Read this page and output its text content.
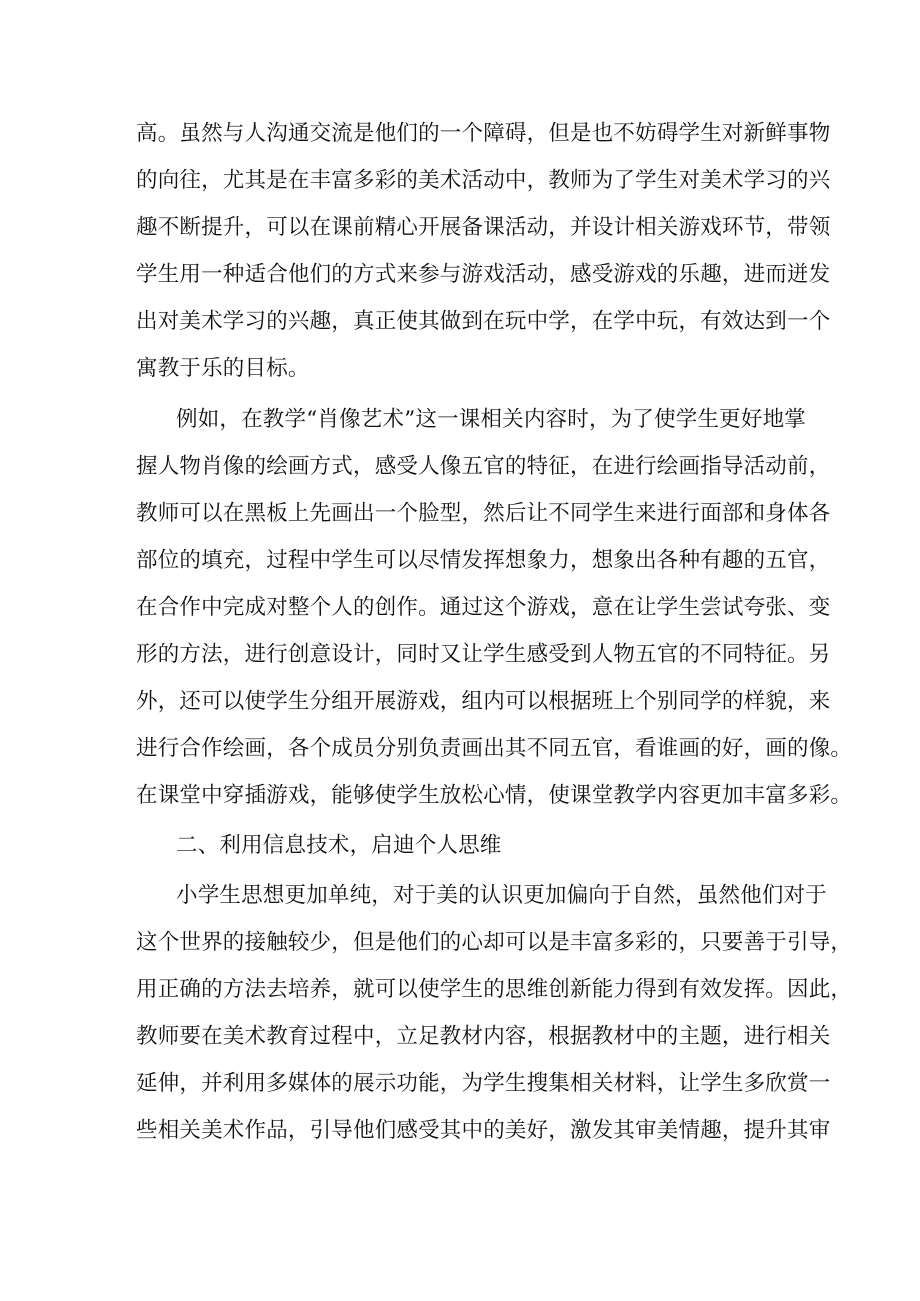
高。虽然与人沟通交流是他们的一个障碍，但是也不妨碍学生对新鲜事物
的向往，尤其是在丰富多彩的美术活动中，教师为了学生对美术学习的兴
趣不断提升，可以在课前精心开展备课活动，并设计相关游戏环节，带领
学生用一种适合他们的方式来参与游戏活动，感受游戏的乐趣，进而迸发
出对美术学习的兴趣，真正使其做到在玩中学，在学中玩，有效达到一个
寓教于乐的目标。
例如，在教学“肖像艺术”这一课相关内容时，为了使学生更好地掌
握人物肖像的绘画方式，感受人像五官的特征，在进行绘画指导活动前，
教师可以在黑板上先画出一个脸型，然后让不同学生来进行面部和身体各
部位的填充，过程中学生可以尽情发挥想象力，想象出各种有趣的五官，
在合作中完成对整个人的创作。通过这个游戏，意在让学生尝试夸张、变
形的方法，进行创意设计，同时又让学生感受到人物五官的不同特征。另
外，还可以使学生分组开展游戏，组内可以根据班上个别同学的样貌，来
进行合作绘画，各个成员分别负责画出其不同五官，看谁画的好，画的像。
在课堂中穿插游戏，能够使学生放松心情，使课堂教学内容更加丰富多彩。
二、利用信息技术，启迪个人思维
小学生思想更加单纯，对于美的认识更加偏向于自然，虽然他们对于
这个世界的接触较少，但是他们的心却可以是丰富多彩的，只要善于引导，
用正确的方法去培养，就可以使学生的思维创新能力得到有效发挥。因此，
教师要在美术教育过程中，立足教材内容，根据教材中的主题，进行相关
延伸，并利用多媒体的展示功能，为学生搜集相关材料，让学生多欣赏一
些相关美术作品，引导他们感受其中的美好，激发其审美情趣，提升其审
